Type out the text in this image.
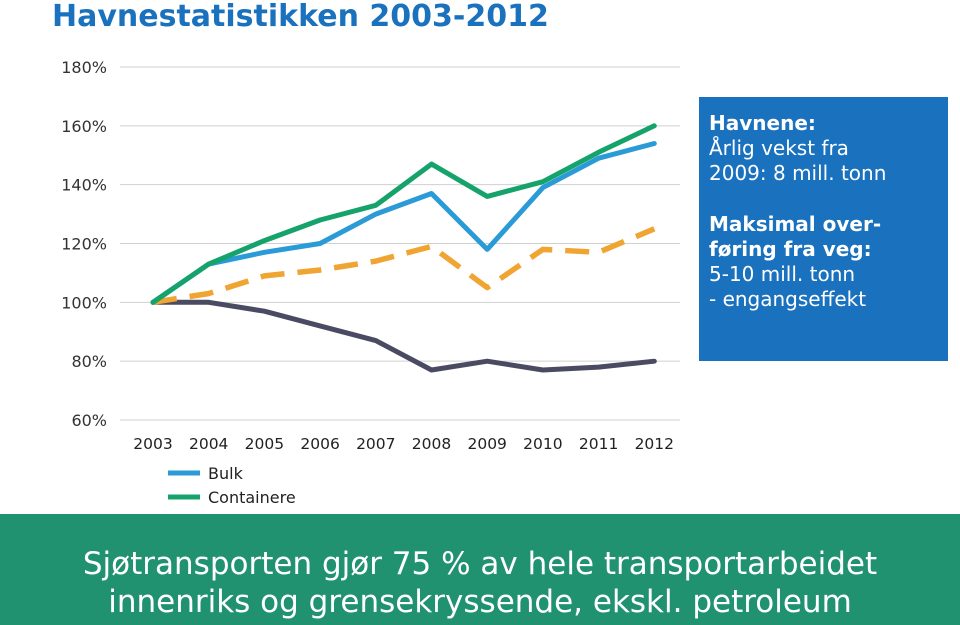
Havnestatistikken 2003-2012
60%
80%
100%
120%
140%
160%
180%
2003 2004 2005 2006 2007 2008 2009 2010 2011 2012
Bulk
Containere
Havnene:
Årlig vekst fra
2009: 8 mill. tonn
Maksimal over-
føring fra veg:
5-10 mill. tonn
- engangseffekt
Sjøtransporten gjør 75 % av hele transportarbeidet
innenriks og grensekryssende, ekskl. petroleum
